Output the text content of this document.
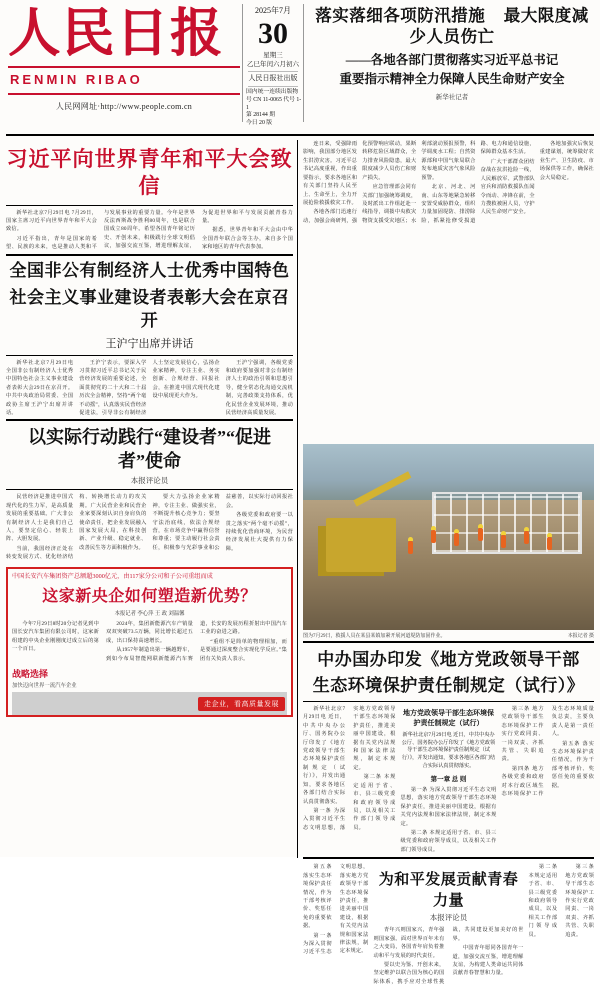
人民日报
RENMIN RIBAO
人民网网址·http://www.people.com.cn
2025年7月
30
星期三
乙巳年闰六月初六
人民日报社出版
国内统一连续出版物号 CN 11-0065 代号 1-1
第 28144 期
今日 20 版
落实落细各项防汛措施 最大限度减少人员伤亡
——各地各部门贯彻落实习近平总书记
重要指示精神全力保障人民生命财产安全
新华社记者
习近平向世界青年和平大会致信

新华社北京7月29日电 7月29日，国家主席习近平向世界青年和平大会致信。

习近平指出，青年是国家的希望、民族的未来，也是推动人类和平与发展事业的重要力量。今年是世界反法西斯战争胜利80周年，也是联合国成立80周年。希望各国青年铭记历史、开创未来，积极践行全球文明倡议，加强交流互鉴，增进理解友谊，为促进世界和平与发展贡献青春力量。

据悉，世界青年和平大会由中华全国青年联合会等主办，来自多个国家和地区的青年代表参加。

全国非公有制经济人士优秀中国特色
社会主义事业建设者表彰大会在京召开
王沪宁出席并讲话

新华社北京7月29日电 全国非公有制经济人士优秀中国特色社会主义事业建设者表彰大会29日在京召开。中共中央政治局常委、全国政协主席王沪宁出席并讲话。

王沪宁表示，要深入学习贯彻习近平总书记关于民营经济发展的重要论述，全面贯彻党的二十大和二十届历次全会精神，坚持“两个毫不动摇”，认真落实民营经济促进法，引导非公有制经济人士坚定发展信心，弘扬企业家精神，专注主业、务实创新、合规经营、回报社会，在推进中国式现代化建设中展现更大作为。

王沪宁强调，各级党委和政府要加强对非公有制经济人士的政治引领和思想引导，健全常态化沟通交流机制，完善政策支持体系，优化民营企业发展环境，推动民营经济高质量发展。

以实际行动践行“建设者”“促进者”使命
本报评论员

民营经济是推进中国式现代化的生力军，是高质量发展的重要基础。广大非公有制经济人士是我们自己人，要坚定信心、轻装上阵、大胆发展。

当前，我国经济正处在转变发展方式、优化经济结构、转换增长动力的攻关期。广大民营企业和民营企业家要深刻认识自身肩负的使命责任，把企业发展融入国家发展大局，在科技创新、产业升级、稳定就业、改善民生等方面积极作为。

要大力弘扬企业家精神，专注主业、做强实业，不断提升核心竞争力；要坚守法治底线，依法合规经营，在市场竞争中赢得信誉和尊重；要主动履行社会责任，积极参与光彩事业和公益慈善，以实际行动回报社会。

各级党委和政府要一以贯之落实“两个毫不动摇”，持续优化营商环境，为民营经济发展壮大提供有力保障。

中国长安汽车集团资产总额超3000亿元，由117家分公司和子公司重组而成
这家新央企如何塑造新优势？
本报记者 李心萍 王 政 刘温馨

今年7月29日8时20分记者见到中国长安汽车集团有限公司时，这家新组建的中央企业刚刚度过成立后的第一个百日。

2024年，集团新能源汽车产销量双双突破73.5万辆，同比增长超过五成，出口保持高速增长。

从1957年制造出第一辆越野车，到如今布局智能网联新能源汽车赛道，长安的发展历程折射出中国汽车工业的奋进之路。

“重组不是简单的物理相加，而是要通过深度整合实现化学反应。”集团有关负责人表示。

战略选择
加快迈向世界一流汽车企业
走企业，看高质量发展

连日来，受强降雨影响，我国部分地区发生洪涝灾害。习近平总书记高度重视，作出重要指示，要求各地区和有关部门坚持人民至上、生命至上，全力开展抢险救援救灾工作。

各地各部门迅速行动，加强会商研判，强化预警响应联动，果断转移危险区域群众，全力排查风险隐患，最大限度减少人员伤亡和财产损失。

应急管理部会同有关部门加强统筹调度，及时派出工作组赶赴一线指导，调拨中央救灾物资支援受灾地区；水利部滚动预报预警，科学调度水工程；自然资源部和中国气象局联合发布地质灾害气象风险预警。

北京、河北、河南、山东等地紧急转移安置受威胁群众，组织力量加固堤防、排涝除险，抓紧抢修受损道路、电力和通信设施，保障群众基本生活。

广大干部群众团结奋战在抗洪抢险一线，人民解放军、武警部队官兵和消防救援队伍闻令而动、冲锋在前，全力搜救被困人员，守护人民生命财产安全。

各地加强灾后恢复重建谋划，统筹做好农业生产、卫生防疫、市场保供等工作，确保社会大局稳定。

图为7月29日，救援人员在某县某镇加紧开展河道堤防加固作业。	本报记者 摄
中办国办印发《地方党政领导干部
生态环境保护责任制规定（试行）》

新华社北京7月29日电 近日，中共中央办公厅、国务院办公厅印发了《地方党政领导干部生态环境保护责任制规定（试行）》，并发出通知，要求各地区各部门结合实际认真贯彻落实。

第一条 为深入贯彻习近平生态文明思想，落实地方党政领导干部生态环境保护责任，推进美丽中国建设，根据有关党内法规和国家法律法规，制定本规定。

第二条 本规定适用于省、市、县三级党委和政府领导成员，以及相关工作部门领导成员。

地方党政领导干部生态环境保护责任制规定（试行）
新华社北京7月29日电 近日，中共中央办公厅、国务院办公厅印发了《地方党政领导干部生态环境保护责任制规定（试行）》，并发出通知，要求各地区各部门结合实际认真贯彻落实。
第一章 总 则

第一条 为深入贯彻习近平生态文明思想，落实地方党政领导干部生态环境保护责任，推进美丽中国建设，根据有关党内法规和国家法律法规，制定本规定。

第二条 本规定适用于省、市、县三级党委和政府领导成员，以及相关工作部门领导成员。

第三条 地方党政领导干部生态环境保护工作实行党政同责、一岗双责、齐抓共管、失职追责。

第四条 地方各级党委和政府对本行政区域生态环境保护工作及生态环境质量负总责，主要负责人是第一责任人。

第五条 落实生态环境保护责任情况，作为干部考核评价、奖惩任免的重要依据。

第五条 落实生态环境保护责任情况，作为干部考核评价、奖惩任免的重要依据。

第一条 为深入贯彻习近平生态文明思想，落实地方党政领导干部生态环境保护责任，推进美丽中国建设，根据有关党内法规和国家法律法规，制定本规定。

为和平发展贡献青春力量
本报评论员

青年兴则国家兴，青年强则国家强。面对世界百年未有之大变局，各国青年肩负着推动和平与发展的时代责任。

要以史为鉴、开创未来，坚定维护以联合国为核心的国际体系，携手应对全球性挑战，共同建设更加美好的世界。

中国青年愿同各国青年一道，加强交流互鉴，增进理解友谊，为构建人类命运共同体贡献青春智慧和力量。

第二条 本规定适用于省、市、县三级党委和政府领导成员，以及相关工作部门领导成员。

第三条 地方党政领导干部生态环境保护工作实行党政同责、一岗双责、齐抓共管、失职追责。
